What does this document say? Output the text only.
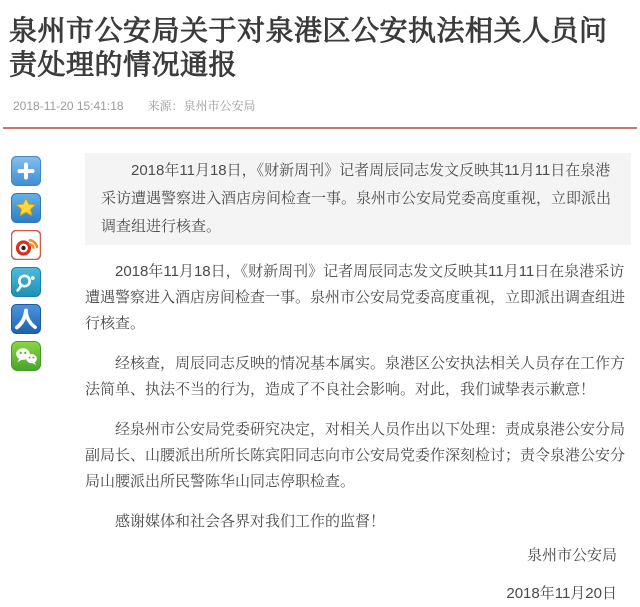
泉州市公安局关于对泉港区公安执法相关人员问责处理的情况通报
2018-11-20 15:41:18 来源：泉州市公安局

2018年11月18日，《财新周刊》记者周辰同志发文反映其11月11日在泉港采访遭遇警察进入酒店房间检查一事。泉州市公安局党委高度重视，立即派出调查组进行核查。

2018年11月18日，《财新周刊》记者周辰同志发文反映其11月11日在泉港采访遭遇警察进入酒店房间检查一事。泉州市公安局党委高度重视，立即派出调查组进行核查。

经核查，周辰同志反映的情况基本属实。泉港区公安执法相关人员存在工作方法简单、执法不当的行为，造成了不良社会影响。对此，我们诚挚表示歉意！

经泉州市公安局党委研究决定，对相关人员作出以下处理：责成泉港公安分局副局长、山腰派出所所长陈宾阳同志向市公安局党委作深刻检讨；责令泉港公安分局山腰派出所民警陈华山同志停职检查。

感谢媒体和社会各界对我们工作的监督！

泉州市公安局

2018年11月20日
